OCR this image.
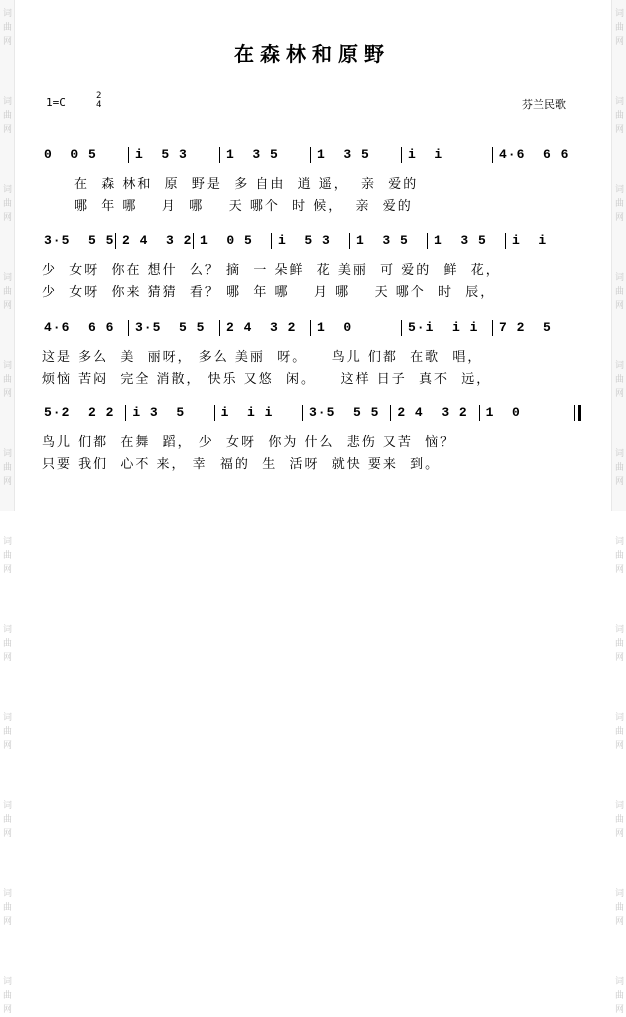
词
曲
网
词
曲
网
词
曲
网
词
曲
网
词
曲
网
词
曲
网
词
曲
网
词
曲
网
词
曲
网
词
曲
网
词
曲
网
词
曲
网
词
曲
网
词
曲
网
词
曲
网
词
曲
网
词
曲
网
词
曲
网
词
曲
网
词
曲
网
词
曲
网
词
曲
网
词
曲
网
词
曲
网
在森林和原野
1=C	2
4	芬兰民歌
0  0 5	i  5 3	1  3 5	1  3 5	i  i	4·6  6 6
在  森 林和  原  野是  多 自由  逍 遥，  亲  爱的
哪  年 哪    月  哪    天 哪个  时 候，  亲  爱的
3·5  5 5 2 4  3 2 1  0 5 i  5 3 1  3 5 1  3 5 i  i
少  女呀  你在 想什  么？ 摘  一 朵鲜  花 美丽  可 爱的  鲜  花，
少  女呀  你来 猜猜  看？ 哪  年 哪    月 哪    天 哪个  时  辰，
4·6  6 6 3·5  5 5 2 4  3 2 1  0	5·i  i i 7 2  5
这是 多么  美  丽呀， 多么 美丽  呀。    鸟儿 们都  在歌  唱，
烦恼 苦闷  完全 消散， 快乐 又悠  闲。    这样 日子  真不  远，
5·2  2 2 i 3  5	i  i i	3·5  5 5 2 4  3 2 1  0
鸟儿 们都  在舞  蹈， 少  女呀  你为 什么  悲伤 又苦  恼？
只要 我们  心不 来， 幸  福的  生  活呀  就快 要来  到。
